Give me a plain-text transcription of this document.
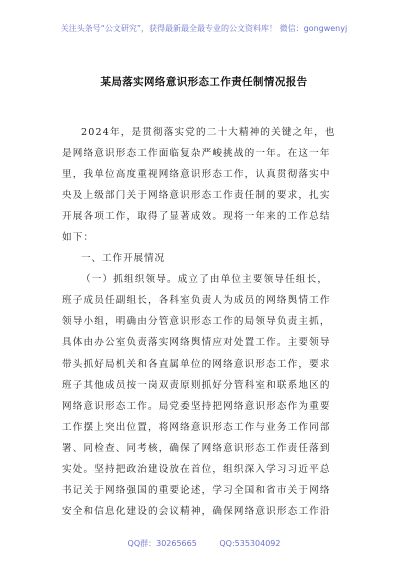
关注头条号“公文研究”，获得最新最全最专业的公文资料库！ 微信：gongwenyj
某局落实网络意识形态工作责任制情况报告
2024年，是贯彻落实党的二十大精神的关键之年，也
是网络意识形态工作面临复杂严峻挑战的一年。在这一年
里，我单位高度重视网络意识形态工作，认真贯彻落实中
央及上级部门关于网络意识形态工作责任制的要求，扎实
开展各项工作，取得了显著成效。现将一年来的工作总结
如下：
一、工作开展情况
（一）抓组织领导。成立了由单位主要领导任组长，
班子成员任副组长，各科室负责人为成员的网络舆情工作
领导小组，明确由分管意识形态工作的局领导负责主抓，
具体由办公室负责落实网络舆情应对处置工作。主要领导
带头抓好局机关和各直属单位的网络意识形态工作，要求
班子其他成员按一岗双责原则抓好分管科室和联系地区的
网络意识形态工作。局党委坚持把网络意识形态作为重要
工作摆上突出位置，将网络意识形态工作与业务工作同部
署、同检查、同考核，确保了网络意识形态工作责任落到
实处。坚持把政治建设放在首位，组织深入学习习近平总
书记关于网络强国的重要论述，学习全国和省市关于网络
安全和信息化建设的会议精神，确保网络意识形态工作沿
QQ群：30265665	QQ:535304092
